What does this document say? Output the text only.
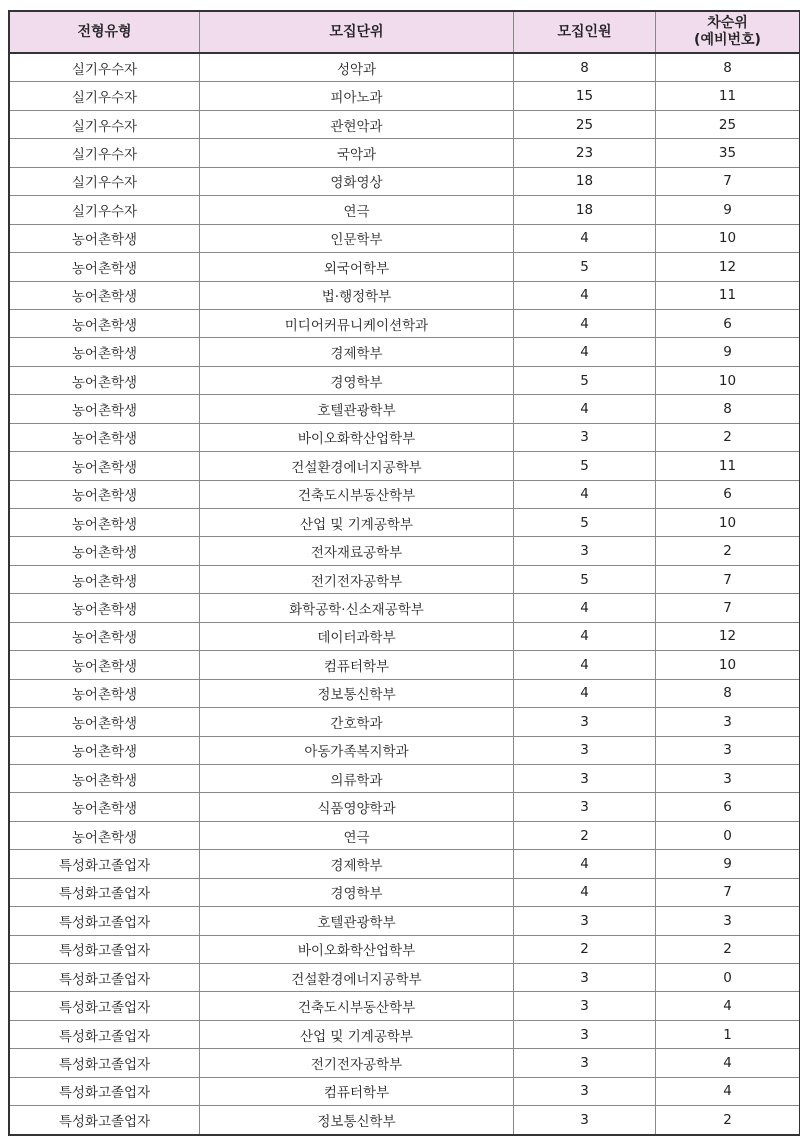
전형유형	모집단위	모집인원	차순위
(예비번호)

실기우수자	성악과	8	8
실기우수자	피아노과	15	11
실기우수자	관현악과	25	25
실기우수자	국악과	23	35
실기우수자	영화영상	18	7
실기우수자	연극	18	9
농어촌학생	인문학부	4	10
농어촌학생	외국어학부	5	12
농어촌학생	법·행정학부	4	11
농어촌학생	미디어커뮤니케이션학과	4	6
농어촌학생	경제학부	4	9
농어촌학생	경영학부	5	10
농어촌학생	호텔관광학부	4	8
농어촌학생	바이오화학산업학부	3	2
농어촌학생	건설환경에너지공학부	5	11
농어촌학생	건축도시부동산학부	4	6
농어촌학생	산업 및 기계공학부	5	10
농어촌학생	전자재료공학부	3	2
농어촌학생	전기전자공학부	5	7
농어촌학생	화학공학·신소재공학부	4	7
농어촌학생	데이터과학부	4	12
농어촌학생	컴퓨터학부	4	10
농어촌학생	정보통신학부	4	8
농어촌학생	간호학과	3	3
농어촌학생	아동가족복지학과	3	3
농어촌학생	의류학과	3	3
농어촌학생	식품영양학과	3	6
농어촌학생	연극	2	0
특성화고졸업자	경제학부	4	9
특성화고졸업자	경영학부	4	7
특성화고졸업자	호텔관광학부	3	3
특성화고졸업자	바이오화학산업학부	2	2
특성화고졸업자	건설환경에너지공학부	3	0
특성화고졸업자	건축도시부동산학부	3	4
특성화고졸업자	산업 및 기계공학부	3	1
특성화고졸업자	전기전자공학부	3	4
특성화고졸업자	컴퓨터학부	3	4
특성화고졸업자	정보통신학부	3	2
